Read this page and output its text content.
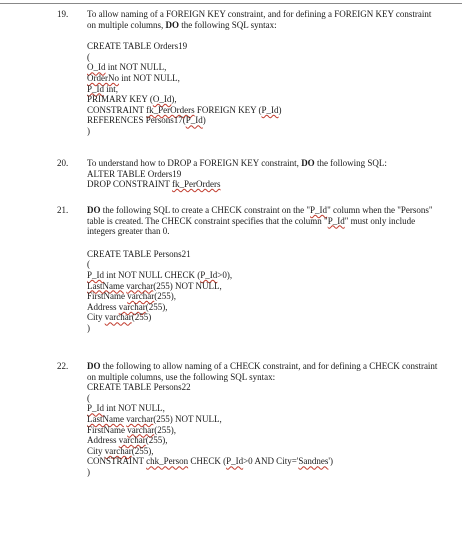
19.	To allow naming of a FOREIGN KEY constraint, and for defining a FOREIGN KEY constraint on multiple columns, DO the following SQL syntax:
CREATE TABLE Orders19
(
O_Id int NOT NULL,
OrderNo int NOT NULL,
P_Id int,
PRIMARY KEY (O_Id),
CONSTRAINT fk_PerOrders FOREIGN KEY (P_Id)
REFERENCES Persons17(P_Id)
)
20.	To understand how to DROP a FOREIGN KEY constraint, DO the following SQL:
ALTER TABLE Orders19
DROP CONSTRAINT fk_PerOrders
21.	DO the following SQL to create a CHECK constraint on the "P_Id" column when the "Persons" table is created. The CHECK constraint specifies that the column "P_Id" must only include integers greater than 0.
CREATE TABLE Persons21
(
P_Id int NOT NULL CHECK (P_Id>0),
LastName varchar(255) NOT NULL,
FirstName varchar(255),
Address varchar(255),
City varchar(255)
)
22.	DO the following to allow naming of a CHECK constraint, and for defining a CHECK constraint on multiple columns, use the following SQL syntax:
CREATE TABLE Persons22
(
P_Id int NOT NULL,
LastName varchar(255) NOT NULL,
FirstName varchar(255),
Address varchar(255),
City varchar(255),
CONSTRAINT chk_Person CHECK (P_Id>0 AND City='Sandnes')
)
